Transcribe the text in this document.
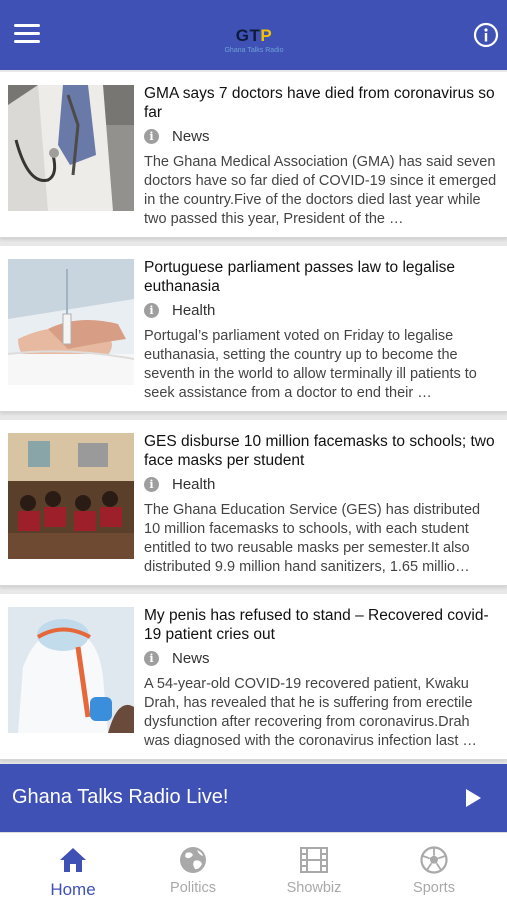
GTP
Ghana Talks Radio
GMA says 7 doctors have died from coronavirus so far
i	News
The Ghana Medical Association (GMA) has said seven doctors have so far died of COVID-19 since it emerged in the country.Five of the doctors died last year while two passed this year, President of the …
Portuguese parliament passes law to legalise euthanasia
i	Health
Portugal’s parliament voted on Friday to legalise euthanasia, setting the country up to become the seventh in the world to allow terminally ill patients to seek assistance from a doctor to end their …
GES disburse 10 million facemasks to schools; two face masks per student
i	Health
The Ghana Education Service (GES) has distributed 10 million facemasks to schools, with each student entitled to two reusable masks per semester.It also distributed 9.9 million hand sanitizers, 1.65 millio…
My penis has refused to stand – Recovered covid-19 patient cries out
i	News
A 54-year-old COVID-19 recovered patient, Kwaku Drah, has revealed that he is suffering from erectile dysfunction after recovering from coronavirus.Drah was diagnosed with the coronavirus infection last …
Ghana Talks Radio Live!
Home	Politics	Showbiz	Sports
